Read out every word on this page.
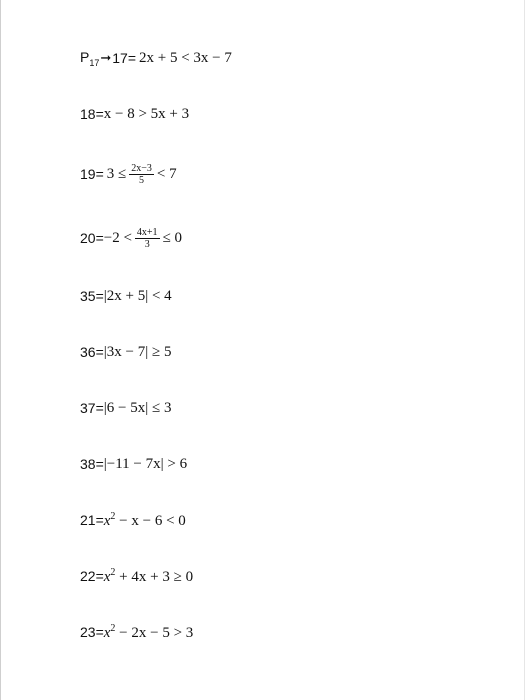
$P_{17}$ ➞ 17= 2x + 5 < 3x − 7
18= x − 8 > 5x + 3
$19= 3 \le \frac{2x-3}{5} < 7$
$20= -2 < \frac{4x+1}{3} \le 0$
35= |2x + 5| < 4
36= |3x − 7| ≥ 5
37= |6 − 5x| ≤ 3
38= |−11 − 7x| > 6
$21= x^2 - x - 6 < 0$
$22= x^2 + 4x + 3 \ge 0$
$23= x^2 - 2x - 5 > 3$
